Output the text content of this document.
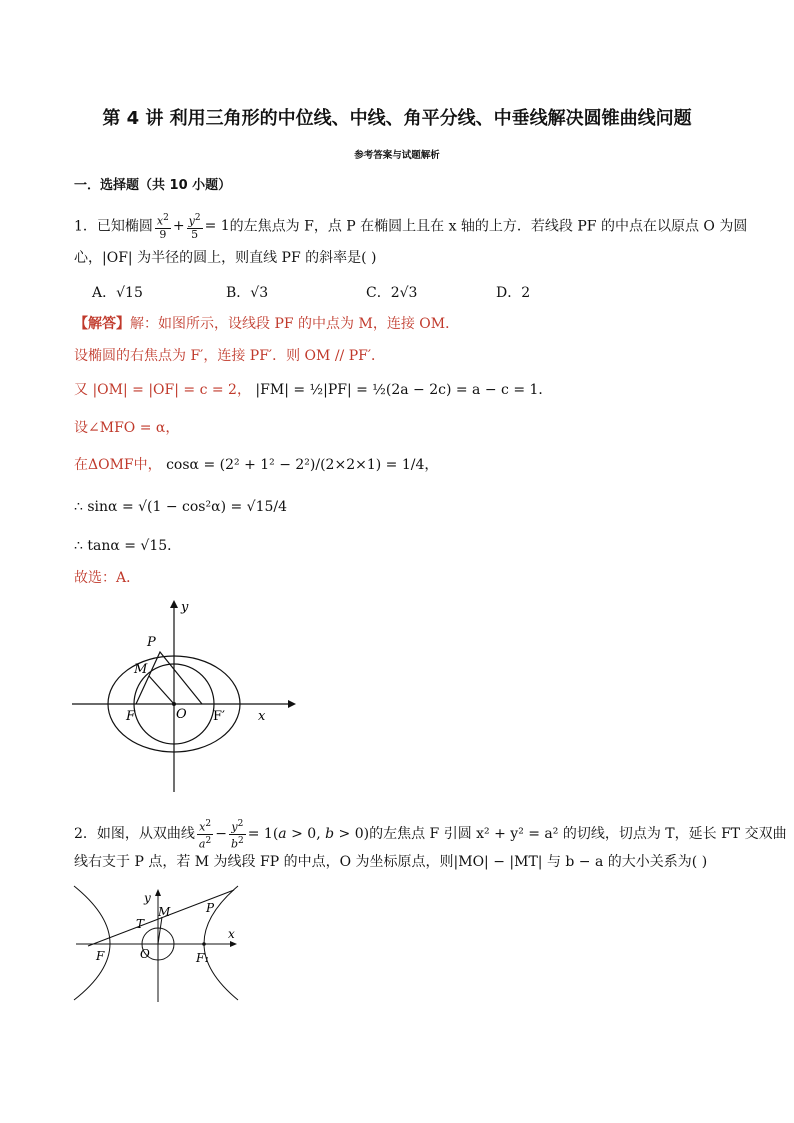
第 4 讲 利用三角形的中位线、中线、角平分线、中垂线解决圆锥曲线问题
参考答案与试题解析
一．选择题（共 10 小题）
1．已知椭圆 $\frac{x^2}{9} + \frac{y^2}{5} = 1$的左焦点为 F，点 P 在椭圆上且在 x 轴的上方．若线段 PF 的中点在以原点 O 为圆
心，|OF| 为半径的圆上，则直线 PF 的斜率是( )
A．√15	B．√3	C．2√3	D．2
【解答】解：如图所示，设线段 PF 的中点为 M，连接 OM．
设椭圆的右焦点为 F′，连接 PF′．则 OM // PF′．
又 |OM| = |OF| = c = 2， |FM| = ½|PF| = ½(2a − 2c) = a − c = 1．
设∠MFO = α，
在ΔOMF中， cosα = (2² + 1² − 2²)/(2×2×1) = 1/4，
∴ sinα = √(1 − cos²α) = √15/4
∴ tanα = √15．
故选：A．
y
P
M
F	O F′	x
2．如图，从双曲线 $\frac{x^2}{a^2} - \frac{y^2}{b^2} = 1(a > 0$, b > 0)的左焦点 F 引圆 x² + y² = a² 的切线，切点为 T，延长 FT 交双曲
线右支于 P 点，若 M 为线段 FP 的中点，O 为坐标原点，则|MO| − |MT| 与 b − a 的大小关系为( )
y
T
M	P
x
F	O	F₁
